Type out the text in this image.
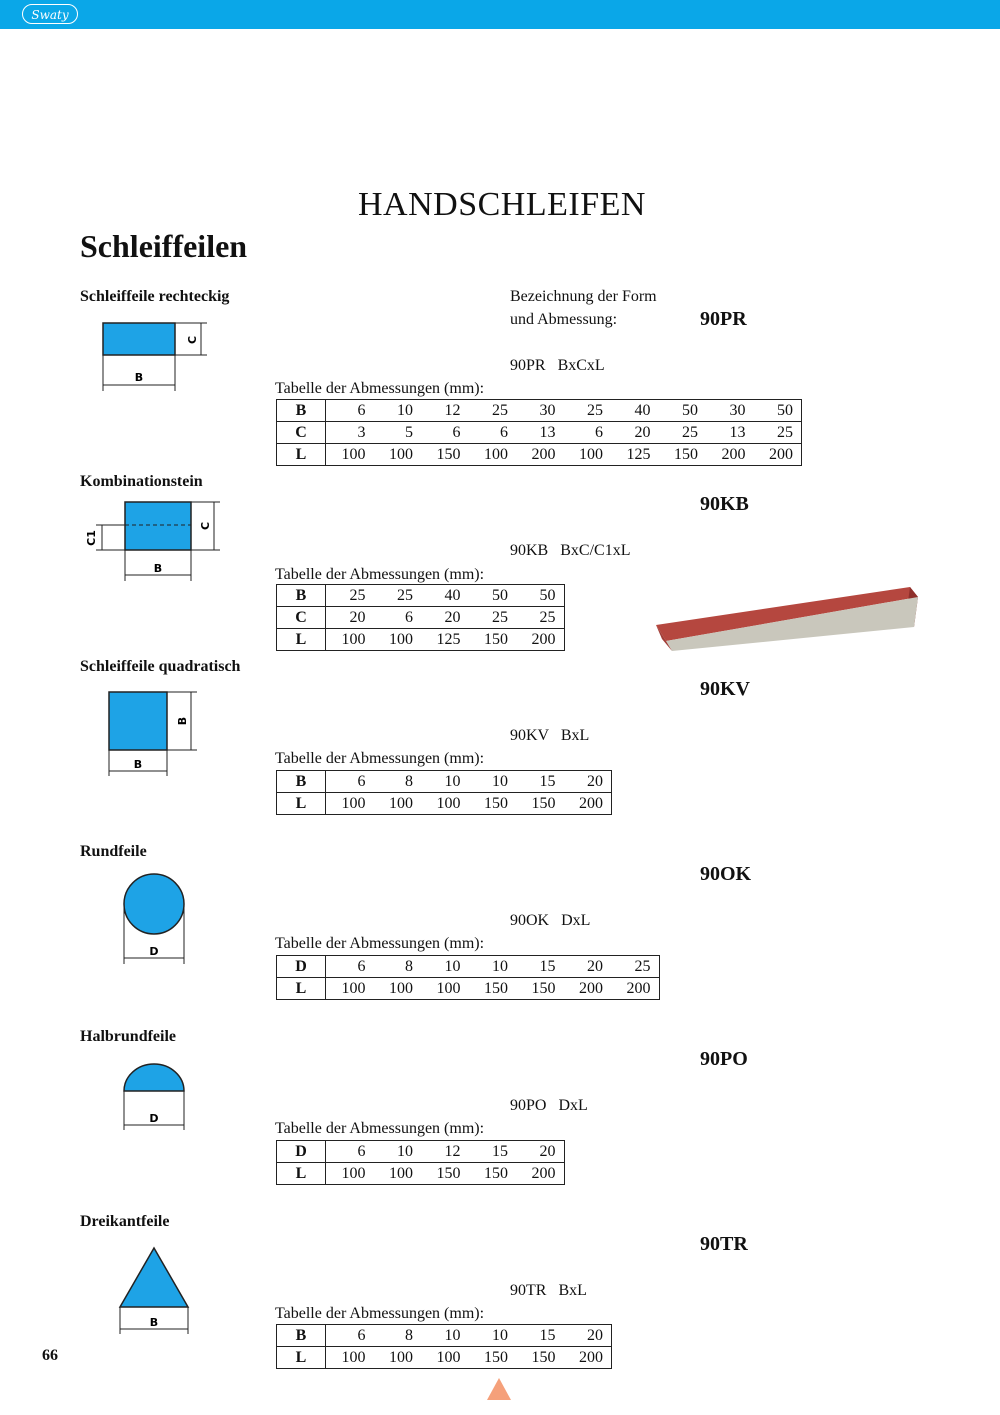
Swaty
HANDSCHLEIFEN
Schleiffeilen
Bezeichnung der Form
und Abmessung:
Schleiffeile rechteckig
90PR
90PR   BxCxL
Tabelle der Abmessungen (mm):
B
C
B	6	10	12	25	30	25	40	50	30	50
C	3	5	6	6	13	6	20	25	13	25
L	100	100	150	100	200	100	125	150	200	200
Kombinationstein
90KB
90KB   BxC/C1xL
Tabelle der Abmessungen (mm):
B
C
C1
B	25	25	40	50	50
C	20	6	20	25	25
L	100	100	125	150	200
Schleiffeile quadratisch
90KV
90KV   BxL
Tabelle der Abmessungen (mm):
B
B
B	6	8	10	10	15	20
L	100	100	100	150	150	200
Rundfeile
90OK
90OK   DxL
Tabelle der Abmessungen (mm):
D
D	6	8	10	10	15	20	25
L	100	100	100	150	150	200	200
Halbrundfeile
90PO
90PO   DxL
Tabelle der Abmessungen (mm):
D
D	6	10	12	15	20
L	100	100	150	150	200
Dreikantfeile
90TR
90TR   BxL
Tabelle der Abmessungen (mm):
B
B	6	8	10	10	15	20
L	100	100	100	150	150	200
66
